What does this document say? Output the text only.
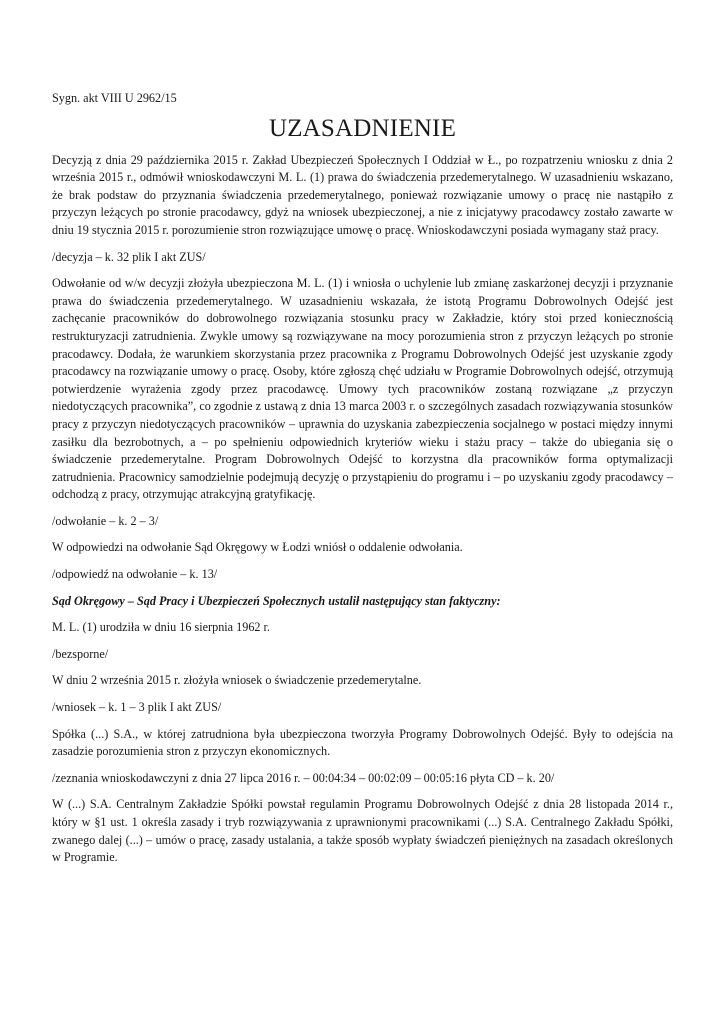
Sygn. akt VIII U 2962/15
UZASADNIENIE

Decyzją z dnia 29 października 2015 r. Zakład Ubezpieczeń Społecznych I Oddział w Ł., po rozpatrzeniu wniosku z dnia 2 września 2015 r., odmówił wnioskodawczyni M. L. (1) prawa do świadczenia przedemerytalnego. W uzasadnieniu wskazano, że brak podstaw do przyznania świadczenia przedemerytalnego, ponieważ rozwiązanie umowy o pracę nie nastąpiło z przyczyn leżących po stronie pracodawcy, gdyż na wniosek ubezpieczonej, a nie z inicjatywy pracodawcy zostało zawarte w dniu 19 stycznia 2015 r. porozumienie stron rozwiązujące umowę o pracę. Wnioskodawczyni posiada wymagany staż pracy.

/decyzja – k. 32 plik I akt ZUS/

Odwołanie od w/w decyzji złożyła ubezpieczona M. L. (1) i wniosła o uchylenie lub zmianę zaskarżonej decyzji i przyznanie prawa do świadczenia przedemerytalnego. W uzasadnieniu wskazała, że istotą Programu Dobrowolnych Odejść jest zachęcanie pracowników do dobrowolnego rozwiązania stosunku pracy w Zakładzie, który stoi przed koniecznością restrukturyzacji zatrudnienia. Zwykle umowy są rozwiązywane na mocy porozumienia stron z przyczyn leżących po stronie pracodawcy. Dodała, że warunkiem skorzystania przez pracownika z Programu Dobrowolnych Odejść jest uzyskanie zgody pracodawcy na rozwiązanie umowy o pracę. Osoby, które zgłoszą chęć udziału w Programie Dobrowolnych odejść, otrzymują potwierdzenie wyrażenia zgody przez pracodawcę. Umowy tych pracowników zostaną rozwiązane „z przyczyn niedotyczących pracownika”, co zgodnie z ustawą z dnia 13 marca 2003 r. o szczególnych zasadach rozwiązywania stosunków pracy z przyczyn niedotyczących pracowników – uprawnia do uzyskania zabezpieczenia socjalnego w postaci między innymi zasiłku dla bezrobotnych, a – po spełnieniu odpowiednich kryteriów wieku i stażu pracy – także do ubiegania się o świadczenie przedemerytalne. Program Dobrowolnych Odejść to korzystna dla pracowników forma optymalizacji zatrudnienia. Pracownicy samodzielnie podejmują decyzję o przystąpieniu do programu i – po uzyskaniu zgody pracodawcy – odchodzą z pracy, otrzymując atrakcyjną gratyfikację.

/odwołanie – k. 2 – 3/

W odpowiedzi na odwołanie Sąd Okręgowy w Łodzi wniósł o oddalenie odwołania.

/odpowiedź na odwołanie – k. 13/

Sąd Okręgowy – Sąd Pracy i Ubezpieczeń Społecznych ustalił następujący stan faktyczny:

M. L. (1) urodziła w dniu 16 sierpnia 1962 r.

/bezsporne/

W dniu 2 września 2015 r. złożyła wniosek o świadczenie przedemerytalne.

/wniosek – k. 1 – 3 plik I akt ZUS/

Spółka (...) S.A., w której zatrudniona była ubezpieczona tworzyła Programy Dobrowolnych Odejść. Były to odejścia na zasadzie porozumienia stron z przyczyn ekonomicznych.

/zeznania wnioskodawczyni z dnia 27 lipca 2016 r. – 00:04:34 – 00:02:09 – 00:05:16 płyta CD – k. 20/

W (...) S.A. Centralnym Zakładzie Spółki powstał regulamin Programu Dobrowolnych Odejść z dnia 28 listopada 2014 r., który w §1 ust. 1 określa zasady i tryb rozwiązywania z uprawnionymi pracownikami (...) S.A. Centralnego Zakładu Spółki, zwanego dalej (...) – umów o pracę, zasady ustalania, a także sposób wypłaty świadczeń pieniężnych na zasadach określonych w Programie.
